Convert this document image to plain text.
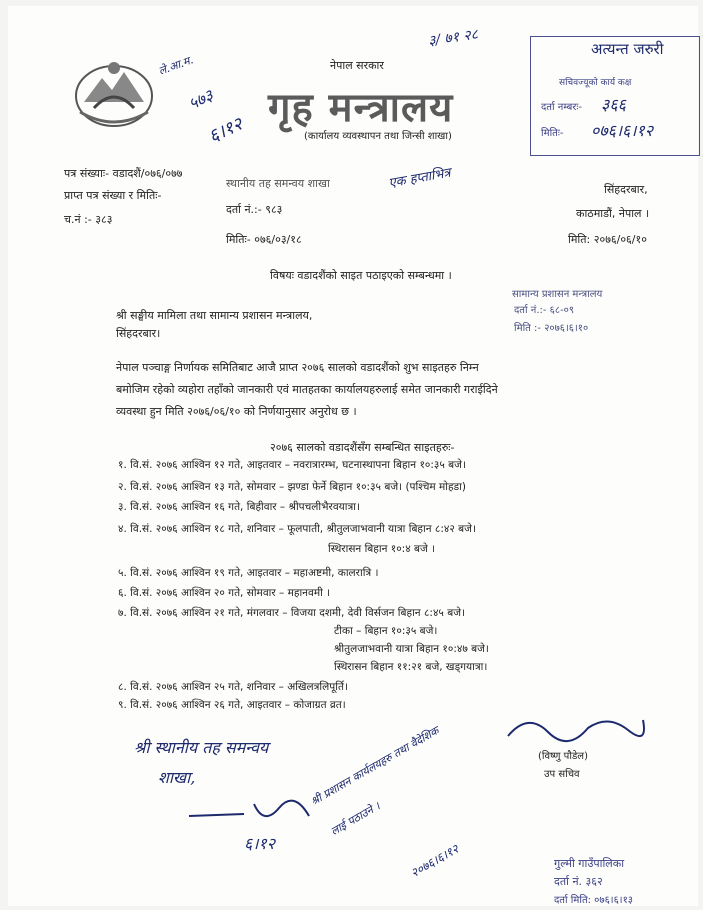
ले.आ.म.
५७३
६।१२
३/ ७१ २८
नेपाल सरकार
गृह मन्त्रालय
(कार्यालय व्यवस्थापन तथा जिन्सी शाखा)
अत्यन्त जरुरी
सचिवज्यूको कार्य कक्ष
दर्ता नम्बरः- ३६६
मितिः- ०७६।६।१२
पत्र संख्याः- वडादशैं/०७६/०७७
प्राप्त पत्र संख्या र मितिः-
च.नं :- ३८३
स्थानीय तह समन्वय शाखा
दर्ता नं.:- ९८३
मितिः- ०७६/०३/१८
एक हप्ताभित्र	सिंहदरबार,
काठमाडौं, नेपाल ।
मिति: २०७६/०६/१०
विषयः वडादशैंको साइत पठाइएको सम्बन्धमा ।
सामान्य प्रशासन मन्त्रालय
दर्ता नं.:- ६८-०९
मिति :- २०७६।६।१०
श्री सङ्घीय मामिला तथा सामान्य प्रशासन मन्त्रालय,
सिंहदरबार।
नेपाल पञ्चाङ्ग निर्णायक समितिबाट आजै प्राप्त २०७६ सालको वडादशैंको शुभ साइतहरु निम्न
बमोजिम रहेको व्यहोरा तहाँको जानकारी एवं मातहतका कार्यालयहरुलाई समेत जानकारी गराईदिने
व्यवस्था हुन मिति २०७६/०६/१० को निर्णयानुसार अनुरोध छ ।
२०७६ सालको वडादशैंसँग सम्बन्धित साइतहरुः-
१. वि.सं. २०७६ आश्विन १२ गते, आइतवार – नवरात्रारम्भ, घटनास्थापना बिहान १०:३५ बजे।
२. वि.सं. २०७६ आश्विन १३ गते, सोमवार – झण्डा फेर्ने बिहान १०:३५ बजे। (पश्चिम मोहडा)
३. वि.सं. २०७६ आश्विन १६ गते, बिहीवार – श्रीपचलीभैरवयात्रा।
४. वि.सं. २०७६ आश्विन १८ गते, शनिवार – फूलपाती, श्रीतुलजाभवानी यात्रा बिहान ८:४२ बजे।
स्थिरासन बिहान १०:४ बजे ।
५. वि.सं. २०७६ आश्विन १९ गते, आइतवार – महाअष्टमी, कालरात्रि ।
६. वि.सं. २०७६ आश्विन २० गते, सोमवार – महानवमी ।
७. वि.सं. २०७६ आश्विन २१ गते, मंगलवार – विजया दशमी, देवी विर्सजन बिहान ८:४५ बजे।
टीका – बिहान १०:३५ बजे।
श्रीतुलजाभवानी यात्रा बिहान १०:४७ बजे।
स्थिरासन बिहान ११:२१ बजे, खड्गयात्रा।
८. वि.सं. २०७६ आश्विन २५ गते, शनिवार – अखिलत्रलिपूर्ति।
९. वि.सं. २०७६ आश्विन २६ गते, आइतवार – कोजाग्रत व्रत।
(विष्णु पौडेल)
उप सचिव
श्री स्थानीय तह समन्वय
शाखा,
६।१२
श्री प्रशासन कार्यलयहरु तथा वैदेशिक
लाई पठाउने ।
२०७६।६।१२	गुल्मी गाउँपालिका
दर्ता नं. ३६२
दर्ता मिति: ०७६।६।१३
